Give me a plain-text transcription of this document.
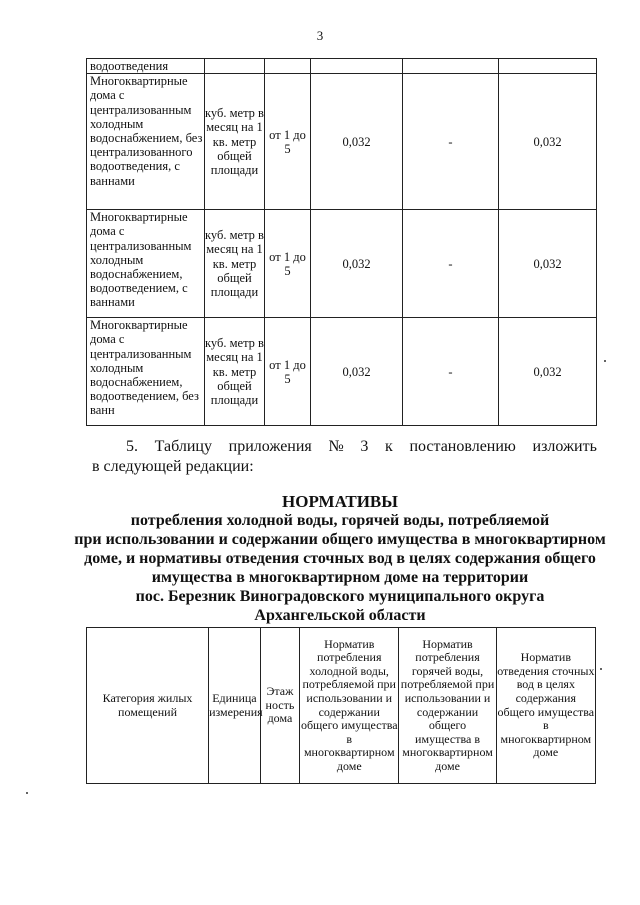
3
водоотведения					
Многоквартирные дома с централизованным холодным водоснабжением, без централизованного водоотведения, с ваннами	куб. метр в месяц на 1 кв. метр общей площади	от 1 до 5	0,032	-	0,032
Многоквартирные дома с централизованным холодным водоснабжением, водоотведением, с ваннами	куб. метр в месяц на 1 кв. метр общей площади	от 1 до 5	0,032	-	0,032
Многоквартирные дома с централизованным холодным водоснабжением, водоотведением, без ванн	куб. метр в месяц на 1 кв. метр общей площади	от 1 до 5	0,032	-	0,032
5. Таблицу приложения № 3 к постановлению изложить
в следующей редакции:
НОРМАТИВЫ
потребления холодной воды, горячей воды, потребляемой
при использовании и содержании общего имущества в многоквартирном
доме, и нормативы отведения сточных вод в целях содержания общего
имущества в многоквартирном доме на территории
пос. Березник Виноградовского муниципального округа
Архангельской области
Категория жилых помещений	Единица измерения	Этаж ность дома	Норматив потребления холодной воды, потребляемой при использовании и содержании общего имущества в многоквартирном доме	Норматив потребления горячей воды, потребляемой при использовании и содержании общего имущества в многоквартирном доме	Норматив отведения сточных вод в целях содержания общего имущества в многоквартирном доме
